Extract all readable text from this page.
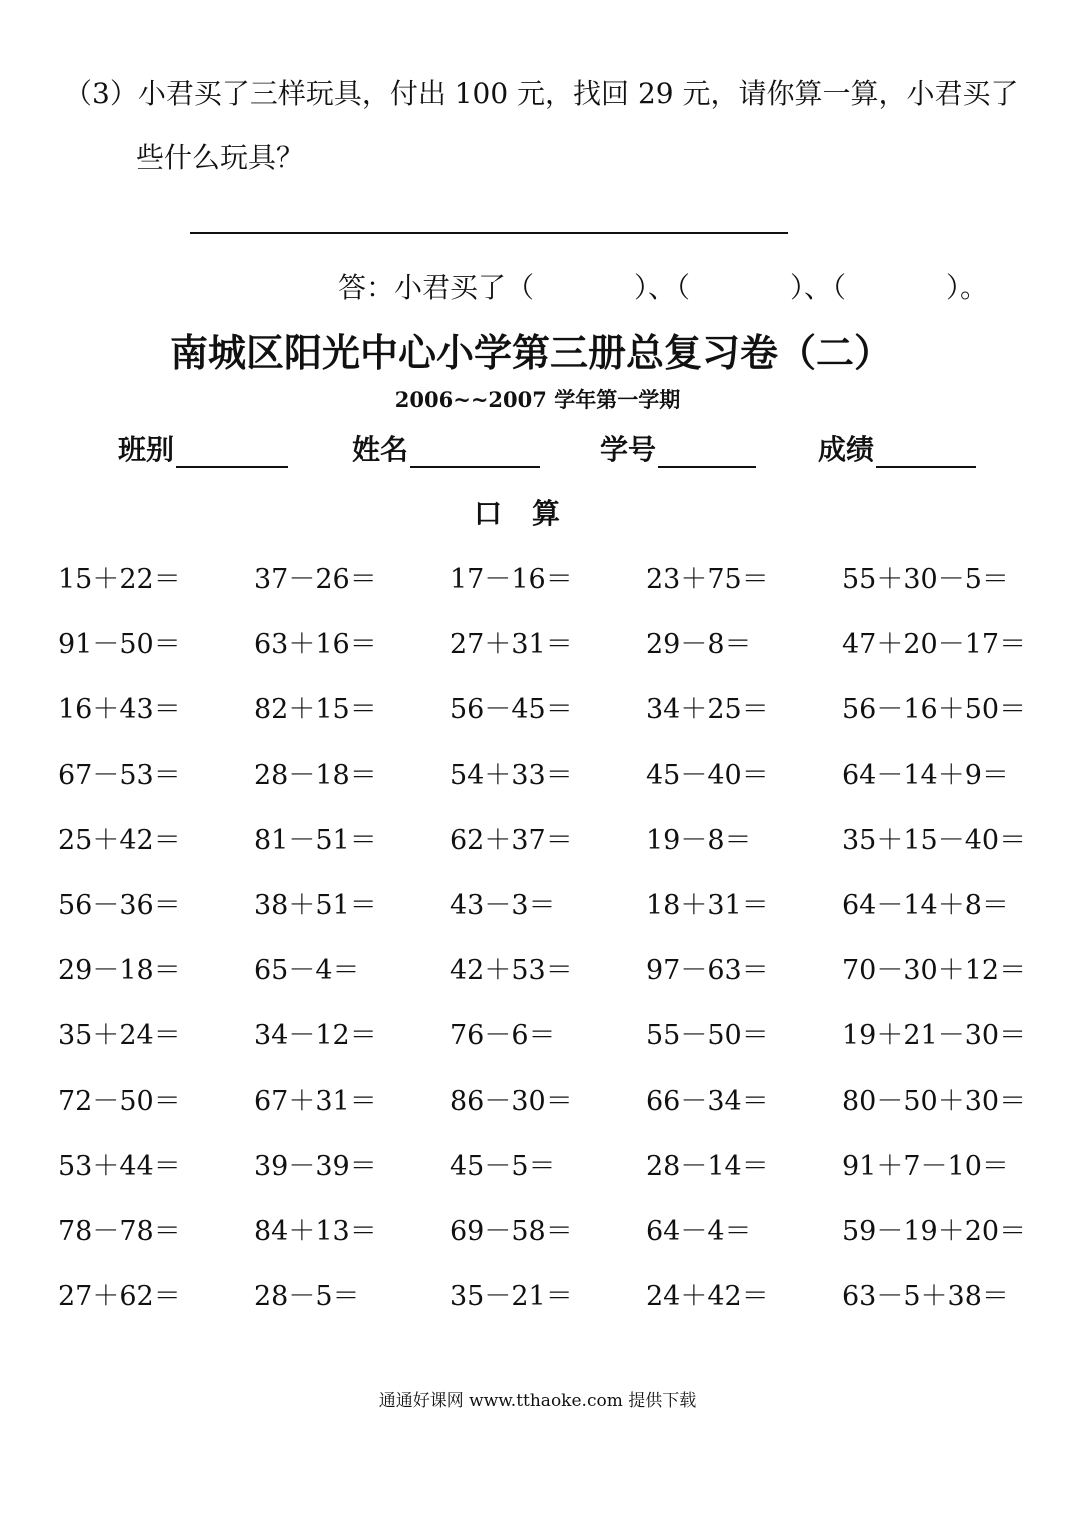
（3）小君买了三样玩具，付出 100 元，找回 29 元，请你算一算，小君买了
些什么玩具？
答：小君买了（	）、（	）、（	）。
南城区阳光中心小学第三册总复习卷（二）
2006~~2007 学年第一学期
班别	姓名	学号	成绩
口算
15＋22＝	37－26＝	17－16＝	23＋75＝	55＋30－5＝
91－50＝	63＋16＝	27＋31＝	29－8＝	47＋20－17＝
16＋43＝	82＋15＝	56－45＝	34＋25＝	56－16＋50＝
67－53＝	28－18＝	54＋33＝	45－40＝	64－14＋9＝
25＋42＝	81－51＝	62＋37＝	19－8＝	35＋15－40＝
56－36＝	38＋51＝	43－3＝	18＋31＝	64－14＋8＝
29－18＝	65－4＝	42＋53＝	97－63＝	70－30＋12＝
35＋24＝	34－12＝	76－6＝	55－50＝	19＋21－30＝
72－50＝	67＋31＝	86－30＝	66－34＝	80－50＋30＝
53＋44＝	39－39＝	45－5＝	28－14＝	91＋7－10＝
78－78＝	84＋13＝	69－58＝	64－4＝	59－19＋20＝
27＋62＝	28－5＝	35－21＝	24＋42＝	63－5＋38＝
通通好课网 www.tthaoke.com 提供下载
